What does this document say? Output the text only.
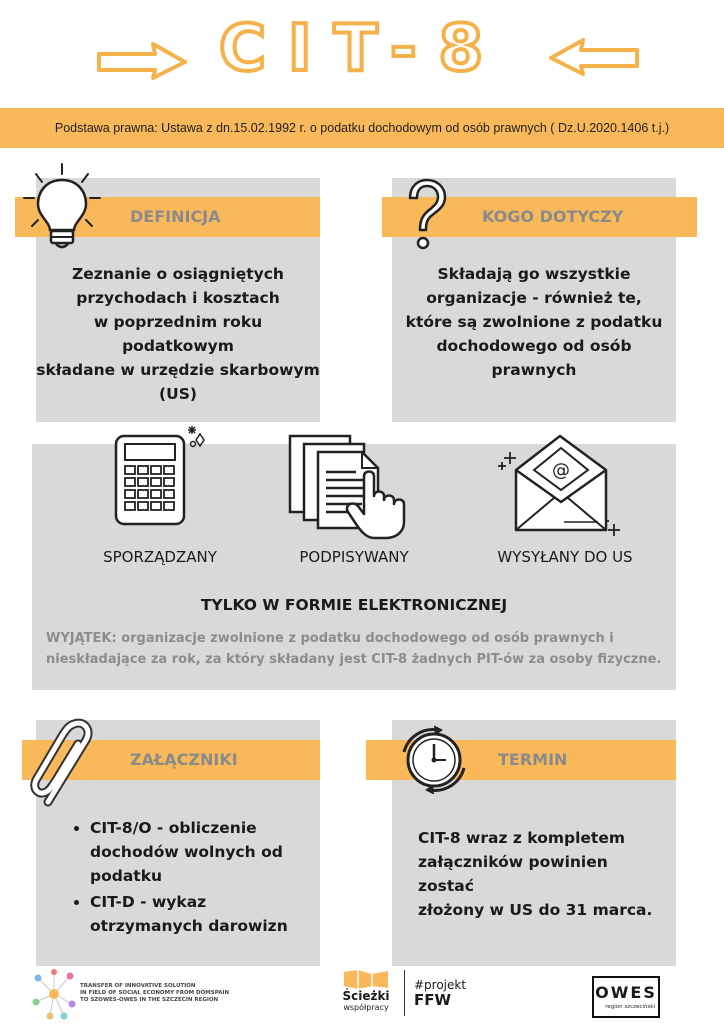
CIT-8
Podstawa prawna: Ustawa z dn.15.02.1992 r. o podatku dochodowym od osób prawnych ( Dz.U.2020.1406 t.j.)
DEFINICJA
Zeznanie o osiągniętych
przychodach i kosztach
w poprzednim roku podatkowym
składane w urzędzie skarbowym
(US)
KOGO DOTYCZY
Składają go wszystkie
organizacje - również te,
które są zwolnione z podatku
dochodowego od osób
prawnych
@
SPORZĄDZANY	PODPISYWANY	WYSYŁANY DO US
TYLKO W FORMIE ELEKTRONICZNEJ
WYJĄTEK: organizacje zwolnione z podatku dochodowego od osób prawnych i
nieskładające za rok, za który składany jest CIT-8 żadnych PIT-ów za osoby fizyczne.
ZAŁĄCZNIKI
• CIT-8/O - obliczenie
dochodów wolnych od
podatku
• CIT-D - wykaz
otrzymanych darowizn
TERMIN
CIT-8 wraz z kompletem
załączników powinien zostać
złożony w US do 31 marca.
TRANSFER OF INNOVATIVE SOLUTION
IN FIELD OF SOCIAL ECONOMY FROM DOMSPAIN
TO SZOWES-OWES IN THE SZCZECIN REGION	Ścieżki
współpracy
#projekt
FFW	OWES
region szczeciński
